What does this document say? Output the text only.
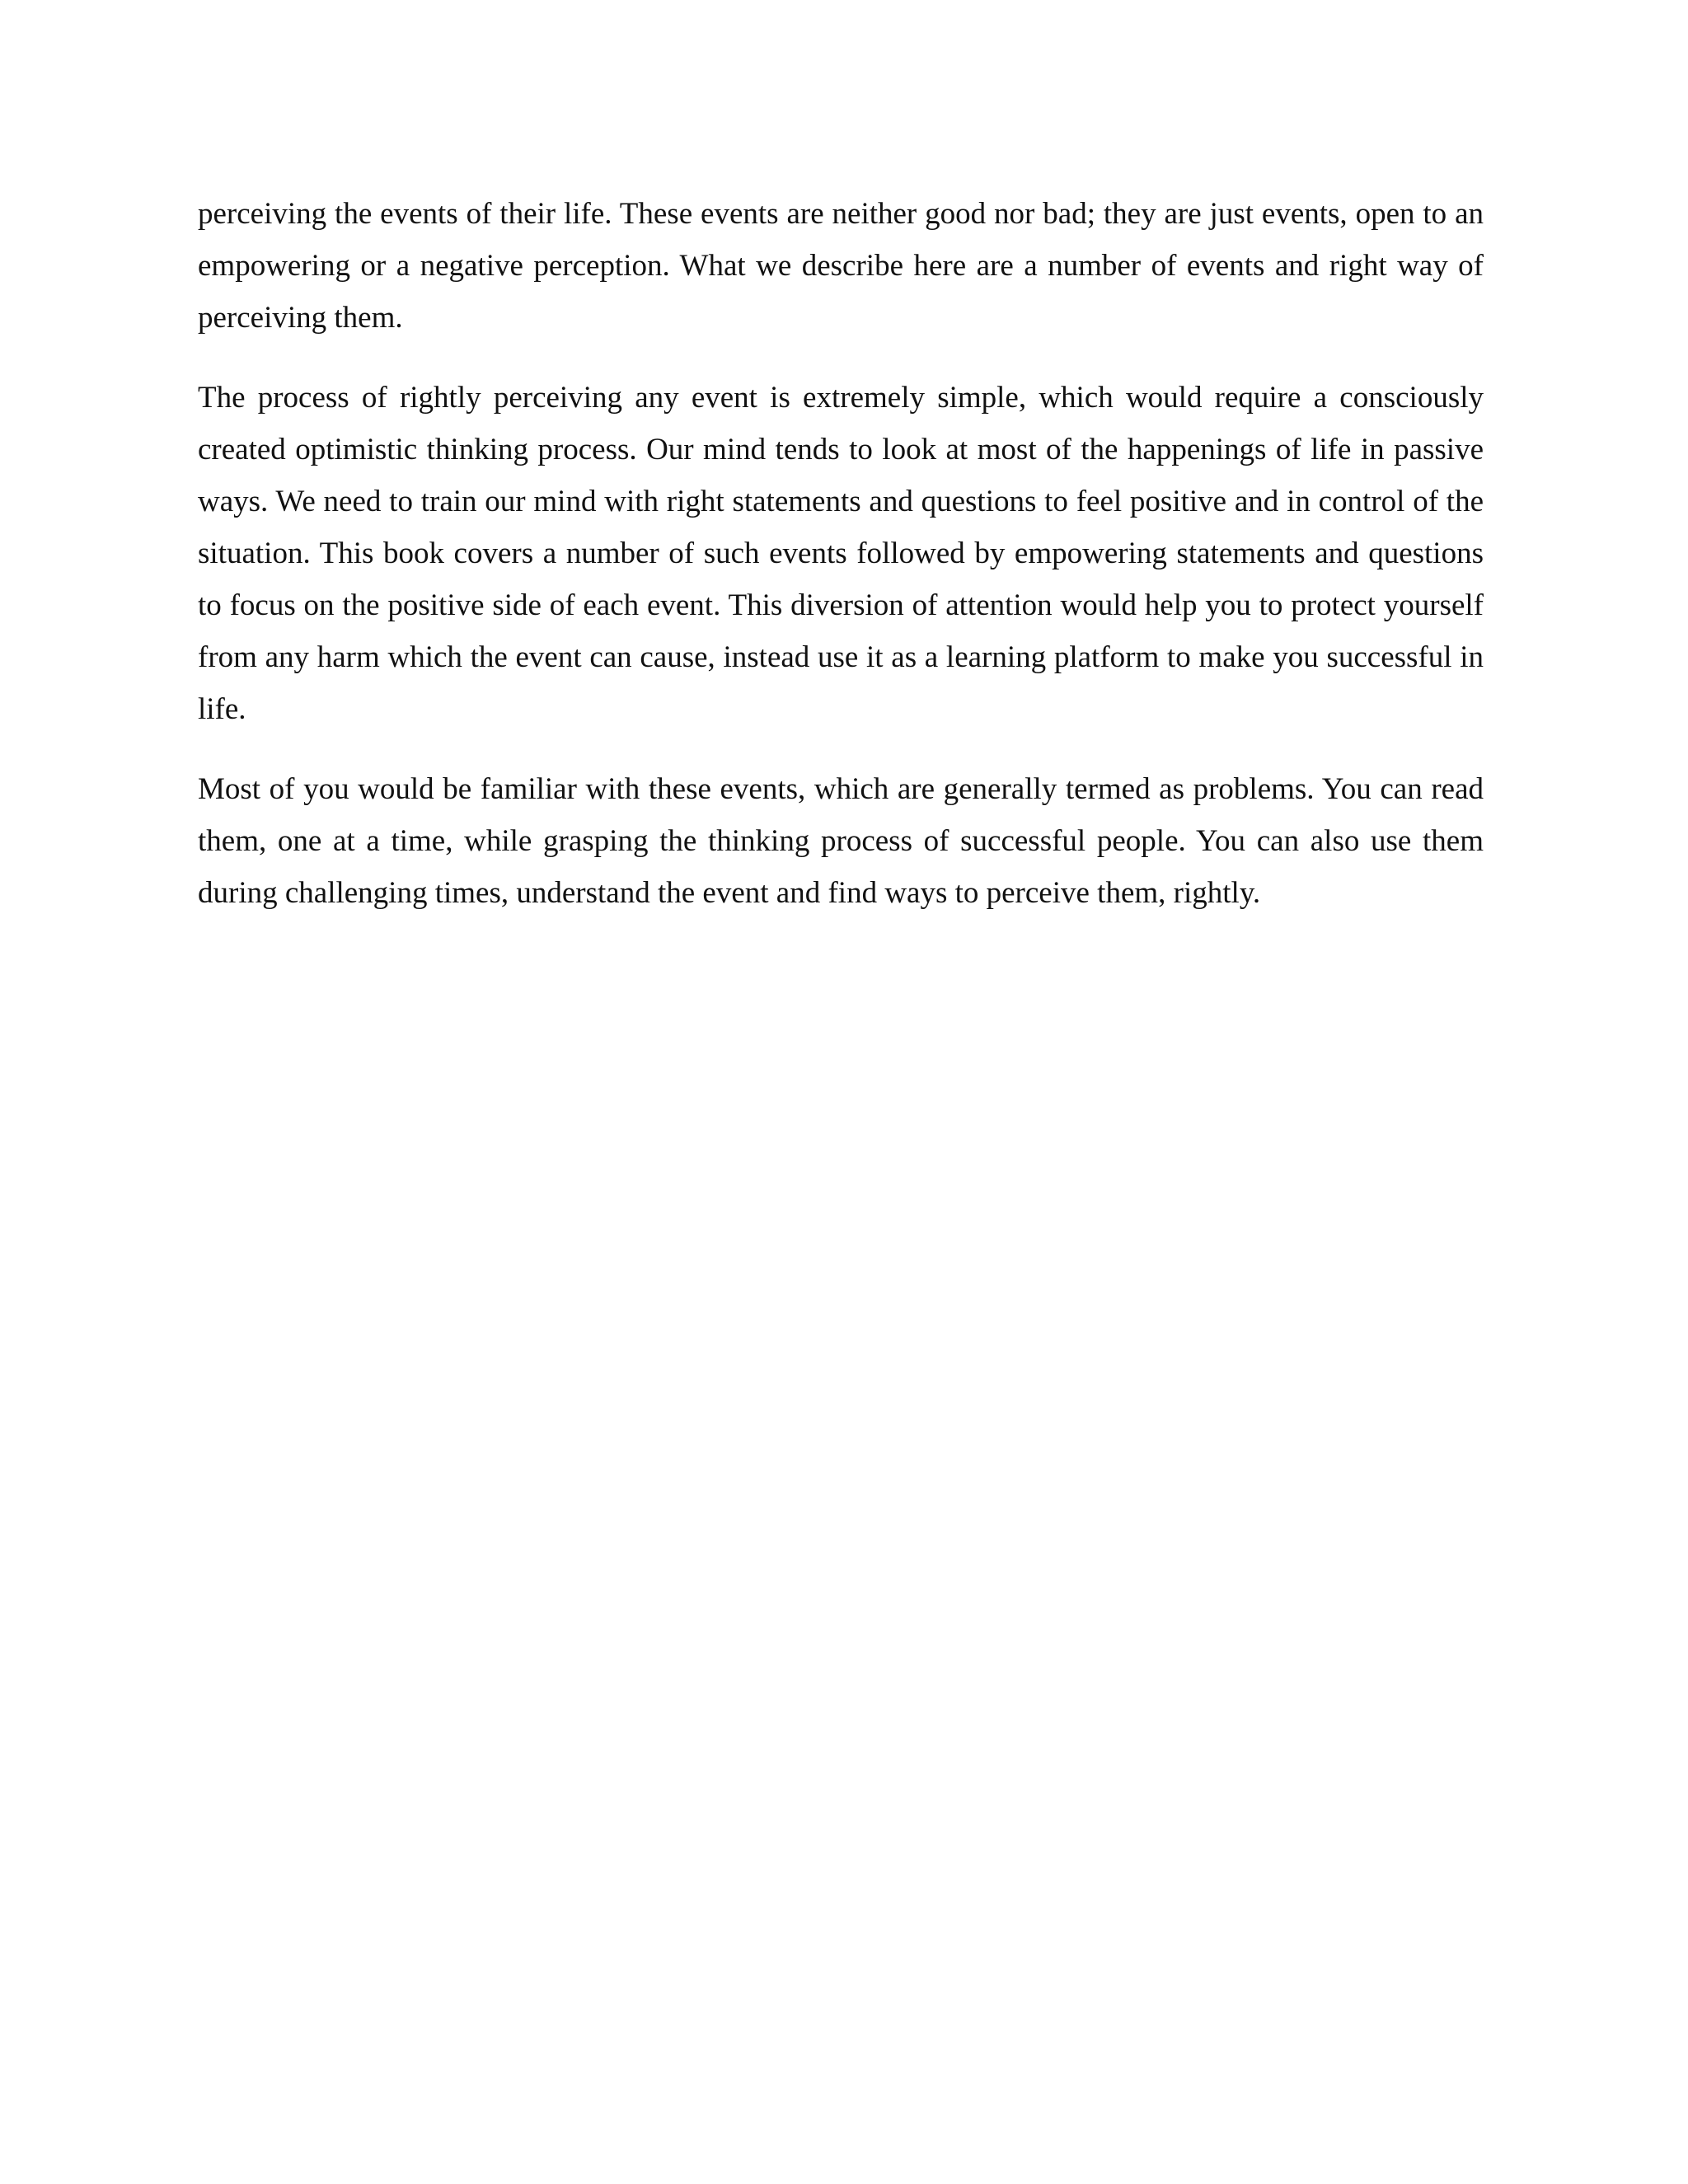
perceiving the events of their life. These events are neither good nor bad; they are just events, open to an empowering or a negative perception. What we describe here are a number of events and right way of perceiving them.

The process of rightly perceiving any event is extremely simple, which would require a consciously created optimistic thinking process. Our mind tends to look at most of the happenings of life in passive ways. We need to train our mind with right statements and questions to feel positive and in control of the situation. This book covers a number of such events followed by empowering statements and questions to focus on the positive side of each event. This diversion of attention would help you to protect yourself from any harm which the event can cause, instead use it as a learning platform to make you successful in life.

Most of you would be familiar with these events, which are generally termed as problems. You can read them, one at a time, while grasping the thinking process of successful people. You can also use them during challenging times, understand the event and find ways to perceive them, rightly.
